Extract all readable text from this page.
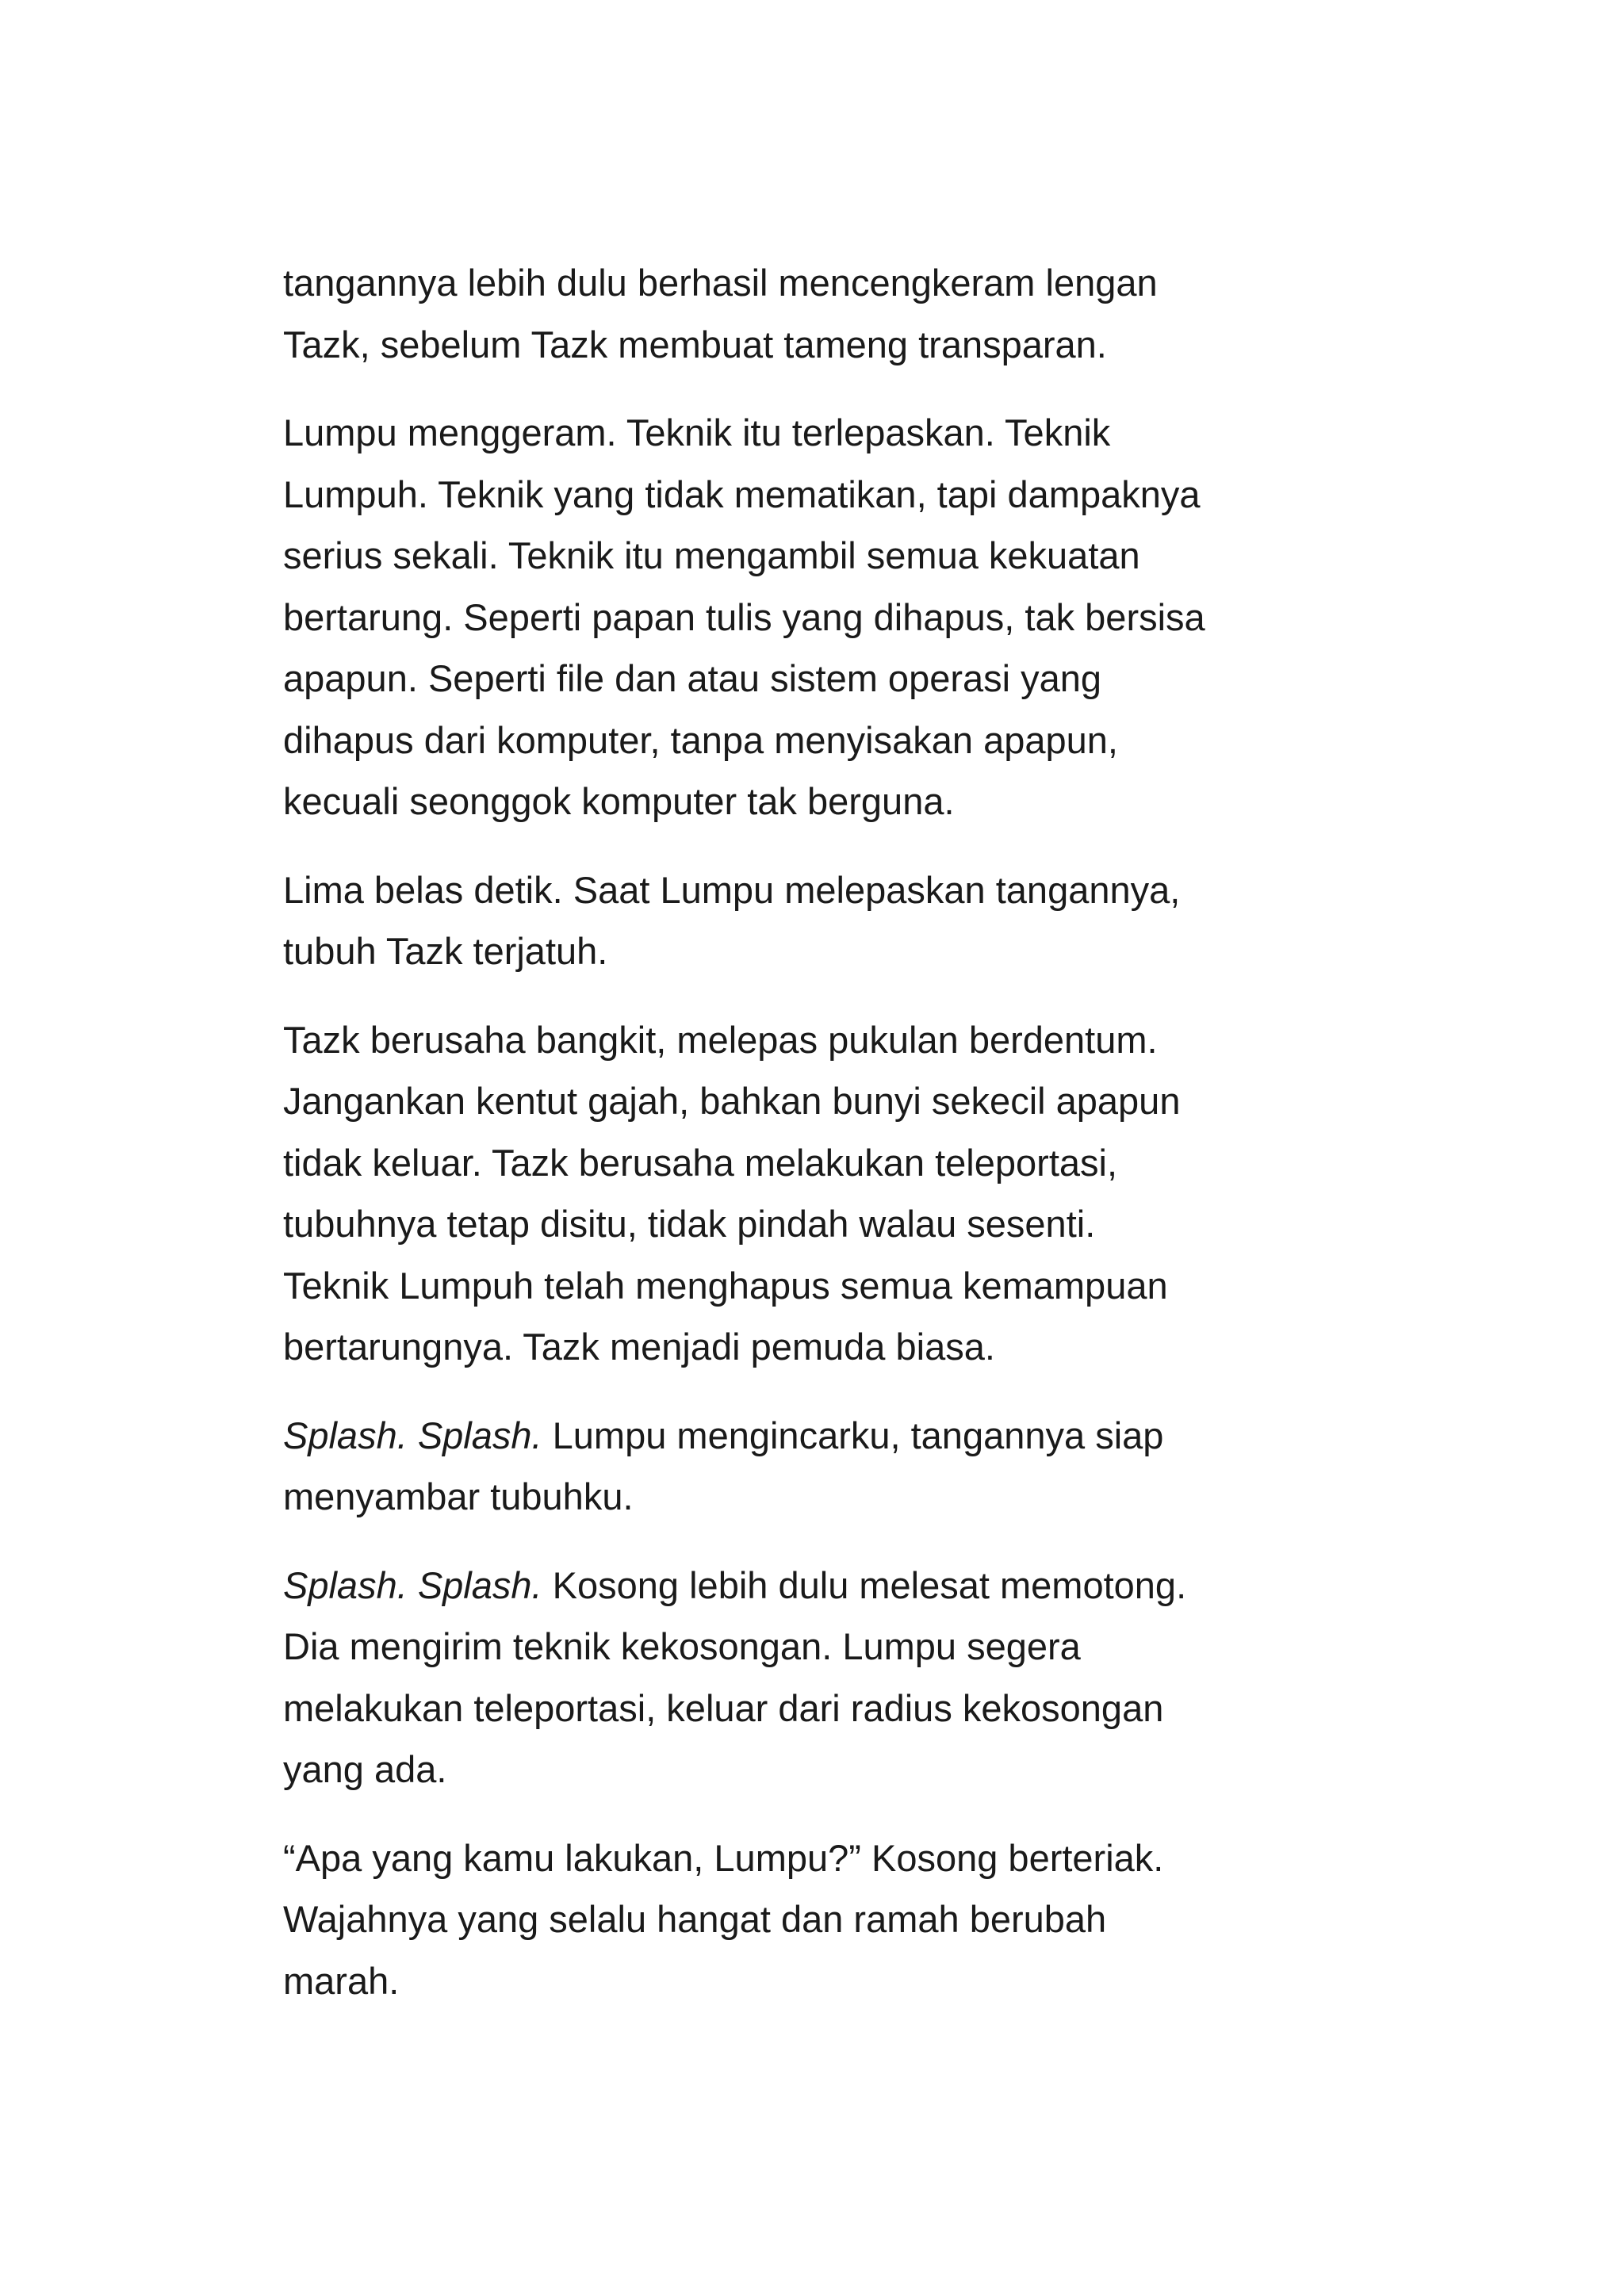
tangannya lebih dulu berhasil mencengkeram lengan
Tazk, sebelum Tazk membuat tameng transparan.

Lumpu menggeram. Teknik itu terlepaskan. Teknik
Lumpuh. Teknik yang tidak mematikan, tapi dampaknya
serius sekali. Teknik itu mengambil semua kekuatan
bertarung. Seperti papan tulis yang dihapus, tak bersisa
apapun. Seperti file dan atau sistem operasi yang
dihapus dari komputer, tanpa menyisakan apapun,
kecuali seonggok komputer tak berguna.

Lima belas detik. Saat Lumpu melepaskan tangannya,
tubuh Tazk terjatuh.

Tazk berusaha bangkit, melepas pukulan berdentum.
Jangankan kentut gajah, bahkan bunyi sekecil apapun
tidak keluar. Tazk berusaha melakukan teleportasi,
tubuhnya tetap disitu, tidak pindah walau sesenti.
Teknik Lumpuh telah menghapus semua kemampuan
bertarungnya. Tazk menjadi pemuda biasa.

Splash. Splash. Lumpu mengincarku, tangannya siap
menyambar tubuhku.

Splash. Splash. Kosong lebih dulu melesat memotong.
Dia mengirim teknik kekosongan. Lumpu segera
melakukan teleportasi, keluar dari radius kekosongan
yang ada.

“Apa yang kamu lakukan, Lumpu?” Kosong berteriak.
Wajahnya yang selalu hangat dan ramah berubah
marah.
